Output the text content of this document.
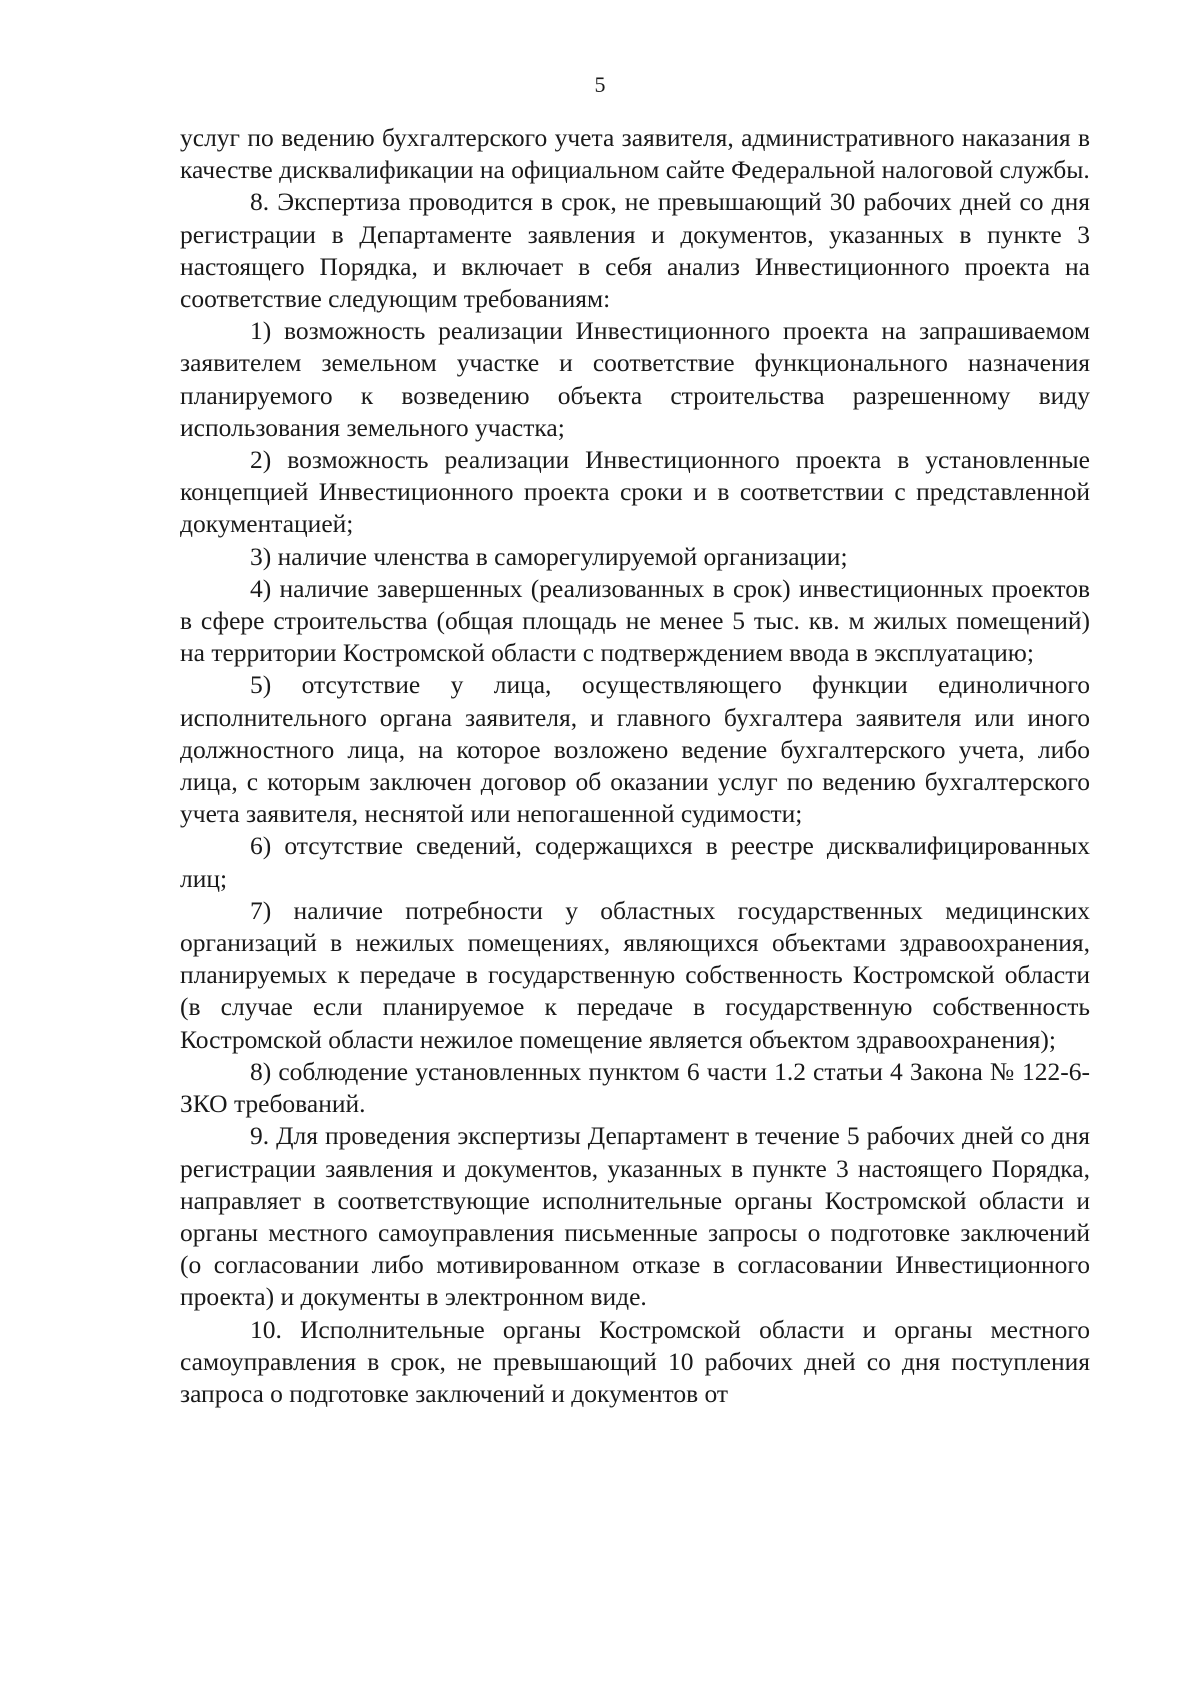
5

услуг по ведению бухгалтерского учета заявителя, административного наказания в качестве дисквалификации на официальном сайте Федеральной налоговой службы.

8. Экспертиза проводится в срок, не превышающий 30 рабочих дней со дня регистрации в Департаменте заявления и документов, указанных в пункте 3 настоящего Порядка, и включает в себя анализ Инвестиционного проекта на соответствие следующим требованиям:

1) возможность реализации Инвестиционного проекта на запрашиваемом заявителем земельном участке и соответствие функционального назначения планируемого к возведению объекта строительства разрешенному виду использования земельного участка;

2) возможность реализации Инвестиционного проекта в установленные концепцией Инвестиционного проекта сроки и в соответствии с представленной документацией;

3) наличие членства в саморегулируемой организации;

4) наличие завершенных (реализованных в срок) инвестиционных проектов в сфере строительства (общая площадь не менее 5 тыс. кв. м жилых помещений) на территории Костромской области с подтверждением ввода в эксплуатацию;

5) отсутствие у лица, осуществляющего функции единоличного исполнительного органа заявителя, и главного бухгалтера заявителя или иного должностного лица, на которое возложено ведение бухгалтерского учета, либо лица, с которым заключен договор об оказании услуг по ведению бухгалтерского учета заявителя, неснятой или непогашенной судимости;

6) отсутствие сведений, содержащихся в реестре дисквалифицированных лиц;

7) наличие потребности у областных государственных медицинских организаций в нежилых помещениях, являющихся объектами здравоохранения, планируемых к передаче в государственную собственность Костромской области (в случае если планируемое к передаче в государственную собственность Костромской области нежилое помещение является объектом здравоохранения);

8) соблюдение установленных пунктом 6 части 1.2 статьи 4 Закона № 122-6-ЗКО требований.

9. Для проведения экспертизы Департамент в течение 5 рабочих дней со дня регистрации заявления и документов, указанных в пункте 3 настоящего Порядка, направляет в соответствующие исполнительные органы Костромской области и органы местного самоуправления письменные запросы о подготовке заключений (о согласовании либо мотивированном отказе в согласовании Инвестиционного проекта) и документы в электронном виде.

10. Исполнительные органы Костромской области и органы местного самоуправления в срок, не превышающий 10 рабочих дней со дня поступления запроса о подготовке заключений и документов от
